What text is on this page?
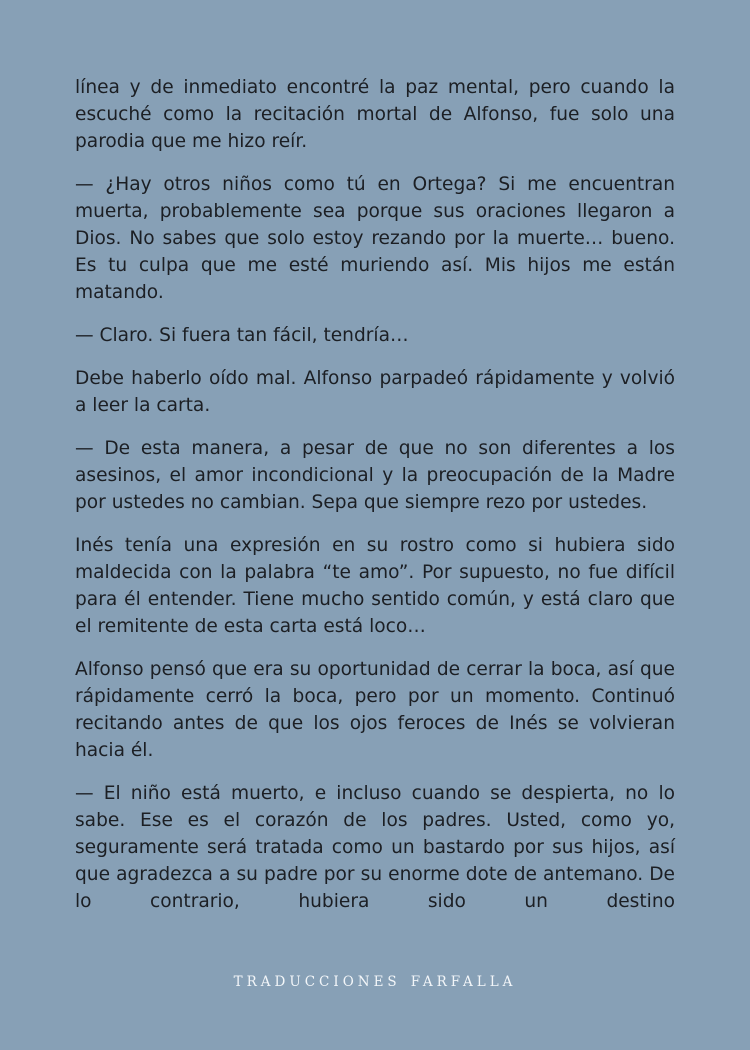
línea y de inmediato encontré la paz mental, pero cuando la escuché como la recitación mortal de Alfonso, fue solo una parodia que me hizo reír.

— ¿Hay otros niños como tú en Ortega? Si me encuentran muerta, probablemente sea porque sus oraciones llegaron a Dios. No sabes que solo estoy rezando por la muerte… bueno. Es tu culpa que me esté muriendo así. Mis hijos me están matando.

— Claro. Si fuera tan fácil, tendría…

Debe haberlo oído mal. Alfonso parpadeó rápidamente y volvió a leer la carta.

— De esta manera, a pesar de que no son diferentes a los asesinos, el amor incondicional y la preocupación de la Madre por ustedes no cambian. Sepa que siempre rezo por ustedes.

Inés tenía una expresión en su rostro como si hubiera sido maldecida con la palabra “te amo”. Por supuesto, no fue difícil para él entender. Tiene mucho sentido común, y está claro que el remitente de esta carta está loco…

Alfonso pensó que era su oportunidad de cerrar la boca, así que rápidamente cerró la boca, pero por un momento. Continuó recitando antes de que los ojos feroces de Inés se volvieran hacia él.

— El niño está muerto, e incluso cuando se despierta, no lo sabe. Ese es el corazón de los padres. Usted, como yo, seguramente será tratada como un bastardo por sus hijos, así que agradezca a su padre por su enorme dote de antemano. De lo contrario, hubiera sido un destino

TRADUCCIONES FARFALLA
